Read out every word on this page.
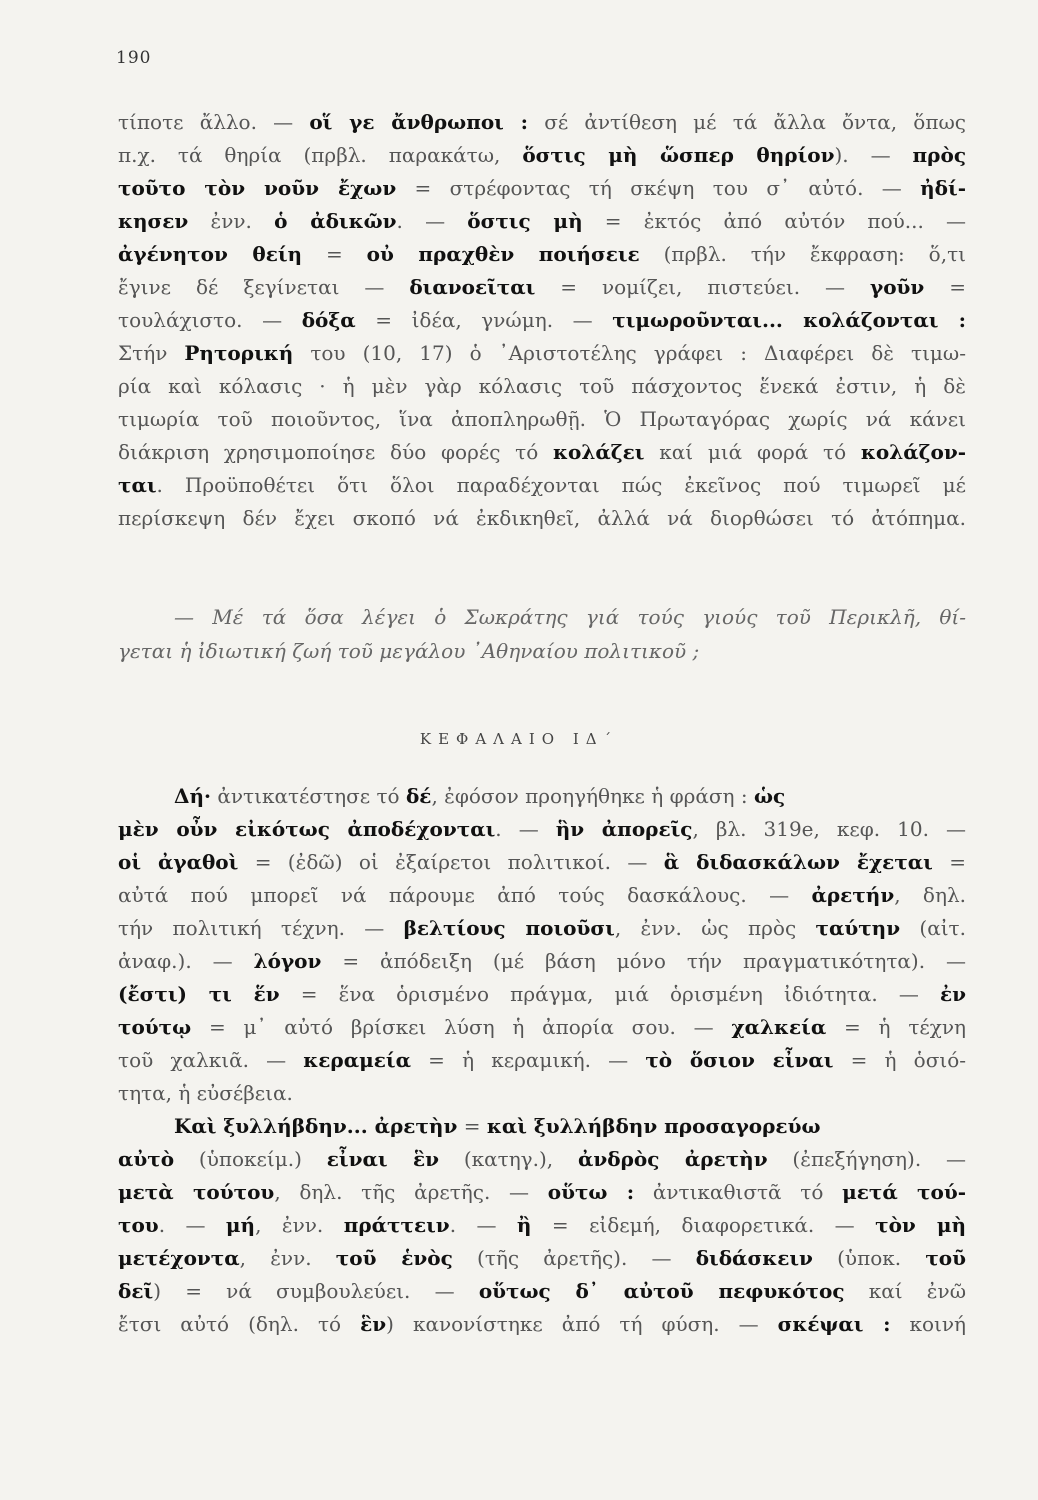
190
τίποτε ἄλλο. — οἵ γε ἄνθρωποι : σέ ἀντίθεση μέ τά ἄλλα ὄντα, ὅπως
π.χ. τά θηρία (πρβλ. παρακάτω, ὅστις μὴ ὥσπερ θηρίον). — πρὸς
τοῦτο τὸν νοῦν ἔχων = στρέφοντας τή σκέψη του σ᾽ αὐτό. — ἠδί-
κησεν ἐνν. ὁ ἀδικῶν. — ὅστις μὴ = ἐκτός ἀπό αὐτόν πού... —
ἀγένητον θείη = οὐ πραχθὲν ποιήσειε (πρβλ. τήν ἔκφραση: ὅ,τι
ἔγινε δέ ξεγίνεται — διανοεῖται = νομίζει, πιστεύει. — γοῦν =
τουλάχιστο. — δόξα = ἰδέα, γνώμη. — τιμωροῦνται... κολάζονται :
Στήν Ρητορική του (10, 17) ὁ ᾿Αριστοτέλης γράφει : Διαφέρει δὲ τιμω-
ρία καὶ κόλασις · ἡ μὲν γὰρ κόλασις τοῦ πάσχοντος ἕνεκά ἐστιν, ἡ δὲ
τιμωρία τοῦ ποιοῦντος, ἵνα ἀποπληρωθῇ. Ὁ Πρωταγόρας χωρίς νά κάνει
διάκριση χρησιμοποίησε δύο φορές τό κολάζει καί μιά φορά τό κολάζον-
ται. Προϋποθέτει ὅτι ὅλοι παραδέχονται πώς ἐκεῖνος πού τιμωρεῖ μέ
περίσκεψη δέν ἔχει σκοπό νά ἐκδικηθεῖ, ἀλλά νά διορθώσει τό ἀτόπημα.
— Μέ τά ὅσα λέγει ὁ Σωκράτης γιά τούς γιούς τοῦ Περικλῆ, θί-
γεται ἡ ἰδιωτική ζωή τοῦ μεγάλου ᾿Αθηναίου πολιτικοῦ ;
ΚΕΦΑΛΑΙΟ ΙΔ΄
Δή· ἀντικατέστησε τό δέ, ἐφόσον προηγήθηκε ἡ φράση : ὡς
μὲν οὖν εἰκότως ἀποδέχονται. — ἣν ἀπορεῖς, βλ. 319e, κεφ. 10. —
οἱ ἀγαθοὶ = (ἐδῶ) οἱ ἐξαίρετοι πολιτικοί. — ἃ διδασκάλων ἔχεται =
αὐτά πού μπορεῖ νά πάρουμε ἀπό τούς δασκάλους. — ἀρετήν, δηλ.
τήν πολιτική τέχνη. — βελτίους ποιοῦσι, ἐνν. ὡς πρὸς ταύτην (αἰτ.
ἀναφ.). — λόγον = ἀπόδειξη (μέ βάση μόνο τήν πραγματικότητα). —
(ἔστι) τι ἕν = ἕνα ὁρισμένο πράγμα, μιά ὁρισμένη ἰδιότητα. — ἐν
τούτῳ = μ᾽ αὐτό βρίσκει λύση ἡ ἀπορία σου. — χαλκεία = ἡ τέχνη
τοῦ χαλκιᾶ. — κεραμεία = ἡ κεραμική. — τὸ ὅσιον εἶναι = ἡ ὁσιό-
τητα, ἡ εὐσέβεια.
Καὶ ξυλλήβδην... ἀρετὴν = καὶ ξυλλήβδην προσαγορεύω
αὐτὸ (ὑποκείμ.) εἶναι ἓν (κατηγ.), ἀνδρὸς ἀρετὴν (ἐπεξήγηση). —
μετὰ τούτου, δηλ. τῆς ἀρετῆς. — οὕτω : ἀντικαθιστᾶ τό μετά τού-
του. — μή, ἐνν. πράττειν. — ἢ = εἰδεμή, διαφορετικά. — τὸν μὴ
μετέχοντα, ἐνν. τοῦ ἑνὸς (τῆς ἀρετῆς). — διδάσκειν (ὑποκ. τοῦ
δεῖ) = νά συμβουλεύει. — οὕτως δ᾽ αὐτοῦ πεφυκότος καί ἐνῶ
ἔτσι αὐτό (δηλ. τό ἓν) κανονίστηκε ἀπό τή φύση. — σκέψαι : κοινή
